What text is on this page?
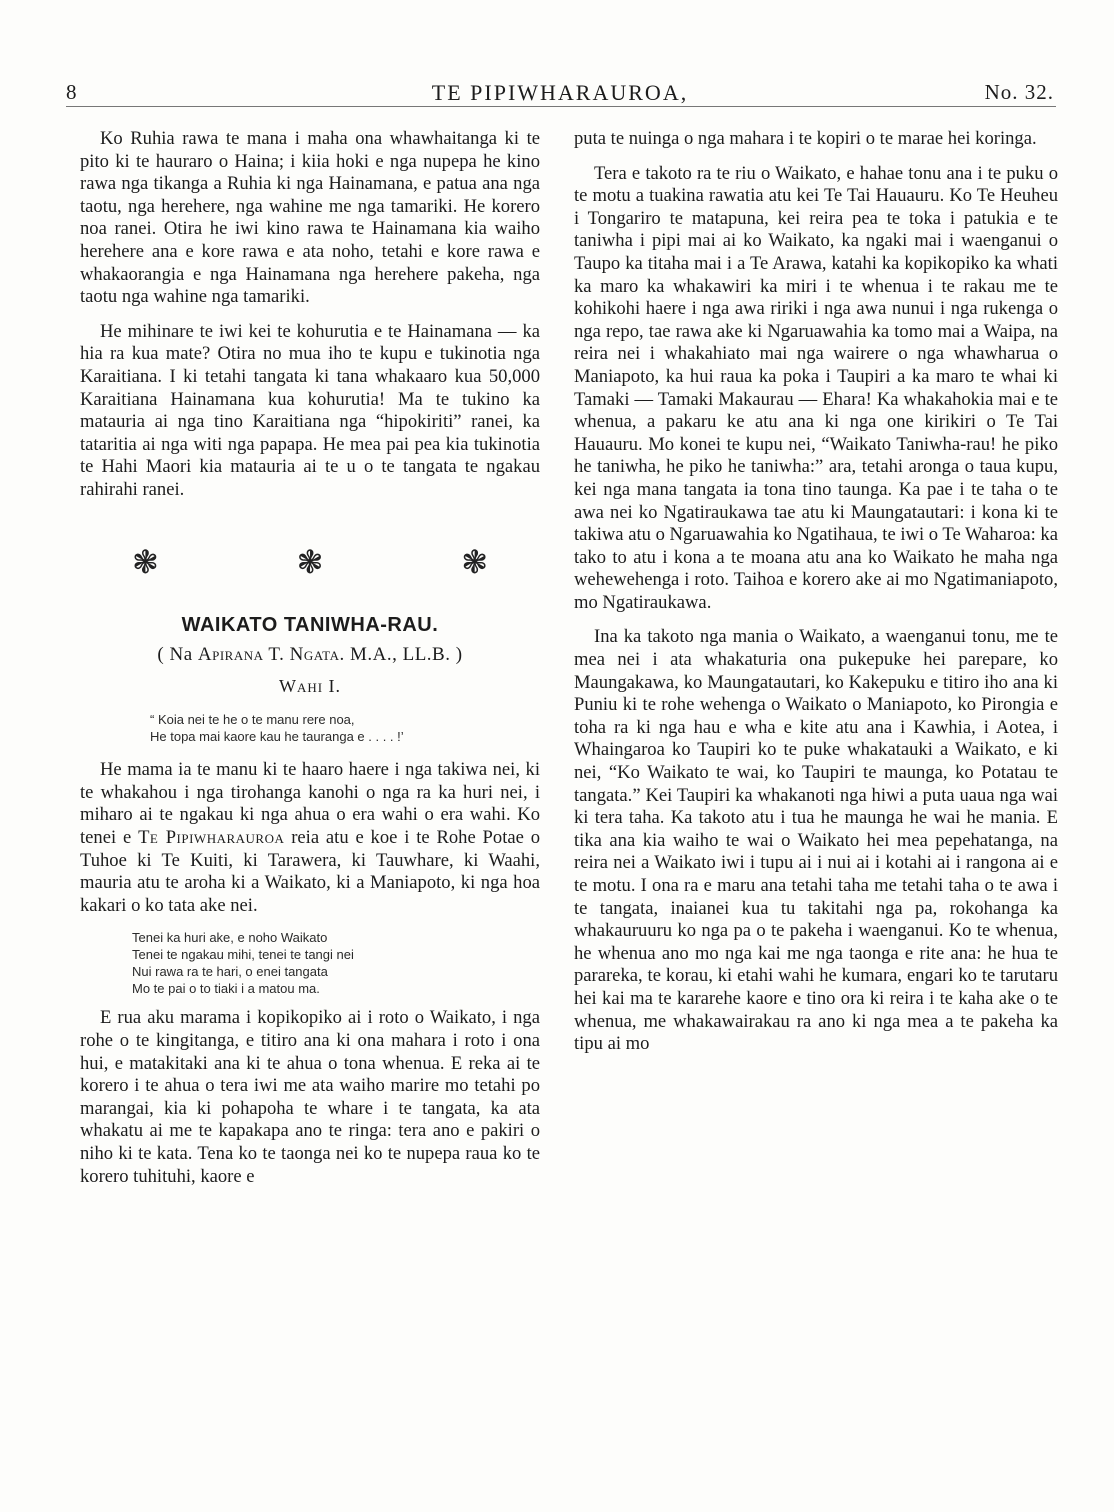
8	TE PIPIWHARAUROA,	No. 32.

Ko Ruhia rawa te mana i maha ona whawhaitanga ki te pito ki te hauraro o Haina; i kiia hoki e nga nupepa he kino rawa nga tikanga a Ruhia ki nga Hainamana, e patua ana nga taotu, nga herehere, nga wahine me nga tamariki. He korero noa ranei. Otira he iwi kino rawa te Hainamana kia waiho herehere ana e kore rawa e ata noho, tetahi e kore rawa e whakaorangia e nga Hainamana nga herehere pakeha, nga taotu nga wahine nga tamariki.

He mihinare te iwi kei te kohurutia e te Hainamana — ka hia ra kua mate? Otira no mua iho te kupu e tukinotia nga Karaitiana. I ki tetahi tangata ki tana whakaaro kua 50,000 Karaitiana Hainamana kua kohurutia! Ma te tukino ka matauria ai nga tino Karaitiana nga “hipokiriti” ranei, ka tataritia ai nga witi nga papapa. He mea pai pea kia tukinotia te Hahi Maori kia matauria ai te u o te tangata te ngakau rahirahi ranei.

❃	❃	❃
WAIKATO TANIWHA-RAU.
( Na Apirana T. Ngata. M.A., LL.B. )
Wahi I.
“ Koia nei te he o te manu rere noa,
He topa mai kaore kau he tauranga e . . . . !’

He mama ia te manu ki te haaro haere i nga takiwa nei, ki te whakahou i nga tirohanga kanohi o nga ra ka huri nei, i miharo ai te ngakau ki nga ahua o era wahi o era wahi. Ko tenei e Te Pipiwharauroa reia atu e koe i te Rohe Potae o Tuhoe ki Te Kuiti, ki Tarawera, ki Tauwhare, ki Waahi, mauria atu te aroha ki a Waikato, ki a Maniapoto, ki nga hoa kakari o ko tata ake nei.

Tenei ka huri ake, e noho Waikato
Tenei te ngakau mihi, tenei te tangi nei
Nui rawa ra te hari, o enei tangata
Mo te pai o to tiaki i a matou ma.

E rua aku marama i kopikopiko ai i roto o Waikato, i nga rohe o te kingitanga, e titiro ana ki ona mahara i roto i ona hui, e matakitaki ana ki te ahua o tona whenua. E reka ai te korero i te ahua o tera iwi me ata waiho marire mo tetahi po marangai, kia ki pohapoha te whare i te tangata, ka ata whakatu ai me te kapakapa ano te ringa: tera ano e pakiri o niho ki te kata. Tena ko te taonga nei ko te nupepa raua ko te korero tuhituhi, kaore e

puta te nuinga o nga mahara i te kopiri o te marae hei koringa.

Tera e takoto ra te riu o Waikato, e hahae tonu ana i te puku o te motu a tuakina rawatia atu kei Te Tai Hauauru. Ko Te Heuheu i Tongariro te matapuna, kei reira pea te toka i patukia e te taniwha i pipi mai ai ko Waikato, ka ngaki mai i waenganui o Taupo ka titaha mai i a Te Arawa, katahi ka kopikopiko ka whati ka maro ka whakawiri ka miri i te whenua i te rakau me te kohikohi haere i nga awa ririki i nga awa nunui i nga rukenga o nga repo, tae rawa ake ki Ngaruawahia ka tomo mai a Waipa, na reira nei i whakahiato mai nga wairere o nga whawharua o Maniapoto, ka hui raua ka poka i Taupiri a ka maro te whai ki Tamaki — Tamaki Makaurau — Ehara! Ka whakahokia mai e te whenua, a pakaru ke atu ana ki nga one kirikiri o Te Tai Hauauru. Mo konei te kupu nei, “Waikato Taniwha-rau! he piko he taniwha, he piko he taniwha:” ara, tetahi aronga o taua kupu, kei nga mana tangata ia tona tino taunga. Ka pae i te taha o te awa nei ko Ngatiraukawa tae atu ki Maungatautari: i kona ki te takiwa atu o Ngaruawahia ko Ngatihaua, te iwi o Te Waharoa: ka tako to atu i kona a te moana atu ana ko Waikato he maha nga wehewehenga i roto. Taihoa e korero ake ai mo Ngatimaniapoto, mo Ngatiraukawa.

Ina ka takoto nga mania o Waikato, a waenganui tonu, me te mea nei i ata whakaturia ona pukepuke hei parepare, ko Maungakawa, ko Maungatautari, ko Kakepuku e titiro iho ana ki Puniu ki te rohe wehenga o Waikato o Maniapoto, ko Pirongia e toha ra ki nga hau e wha e kite atu ana i Kawhia, i Aotea, i Whaingaroa ko Taupiri ko te puke whakatauki a Waikato, e ki nei, “Ko Waikato te wai, ko Taupiri te maunga, ko Potatau te tangata.” Kei Taupiri ka whakanoti nga hiwi a puta uaua nga wai ki tera taha. Ka takoto atu i tua he maunga he wai he mania. E tika ana kia waiho te wai o Waikato hei mea pepehatanga, na reira nei a Waikato iwi i tupu ai i nui ai i kotahi ai i rangona ai e te motu. I ona ra e maru ana tetahi taha me tetahi taha o te awa i te tangata, inaianei kua tu takitahi nga pa, rokohanga ka whakauruuru ko nga pa o te pakeha i waenganui. Ko te whenua, he whenua ano mo nga kai me nga taonga e rite ana: he hua te parareka, te korau, ki etahi wahi he kumara, engari ko te tarutaru hei kai ma te kararehe kaore e tino ora ki reira i te kaha ake o te whenua, me whakawairakau ra ano ki nga mea a te pakeha ka tipu ai mo
